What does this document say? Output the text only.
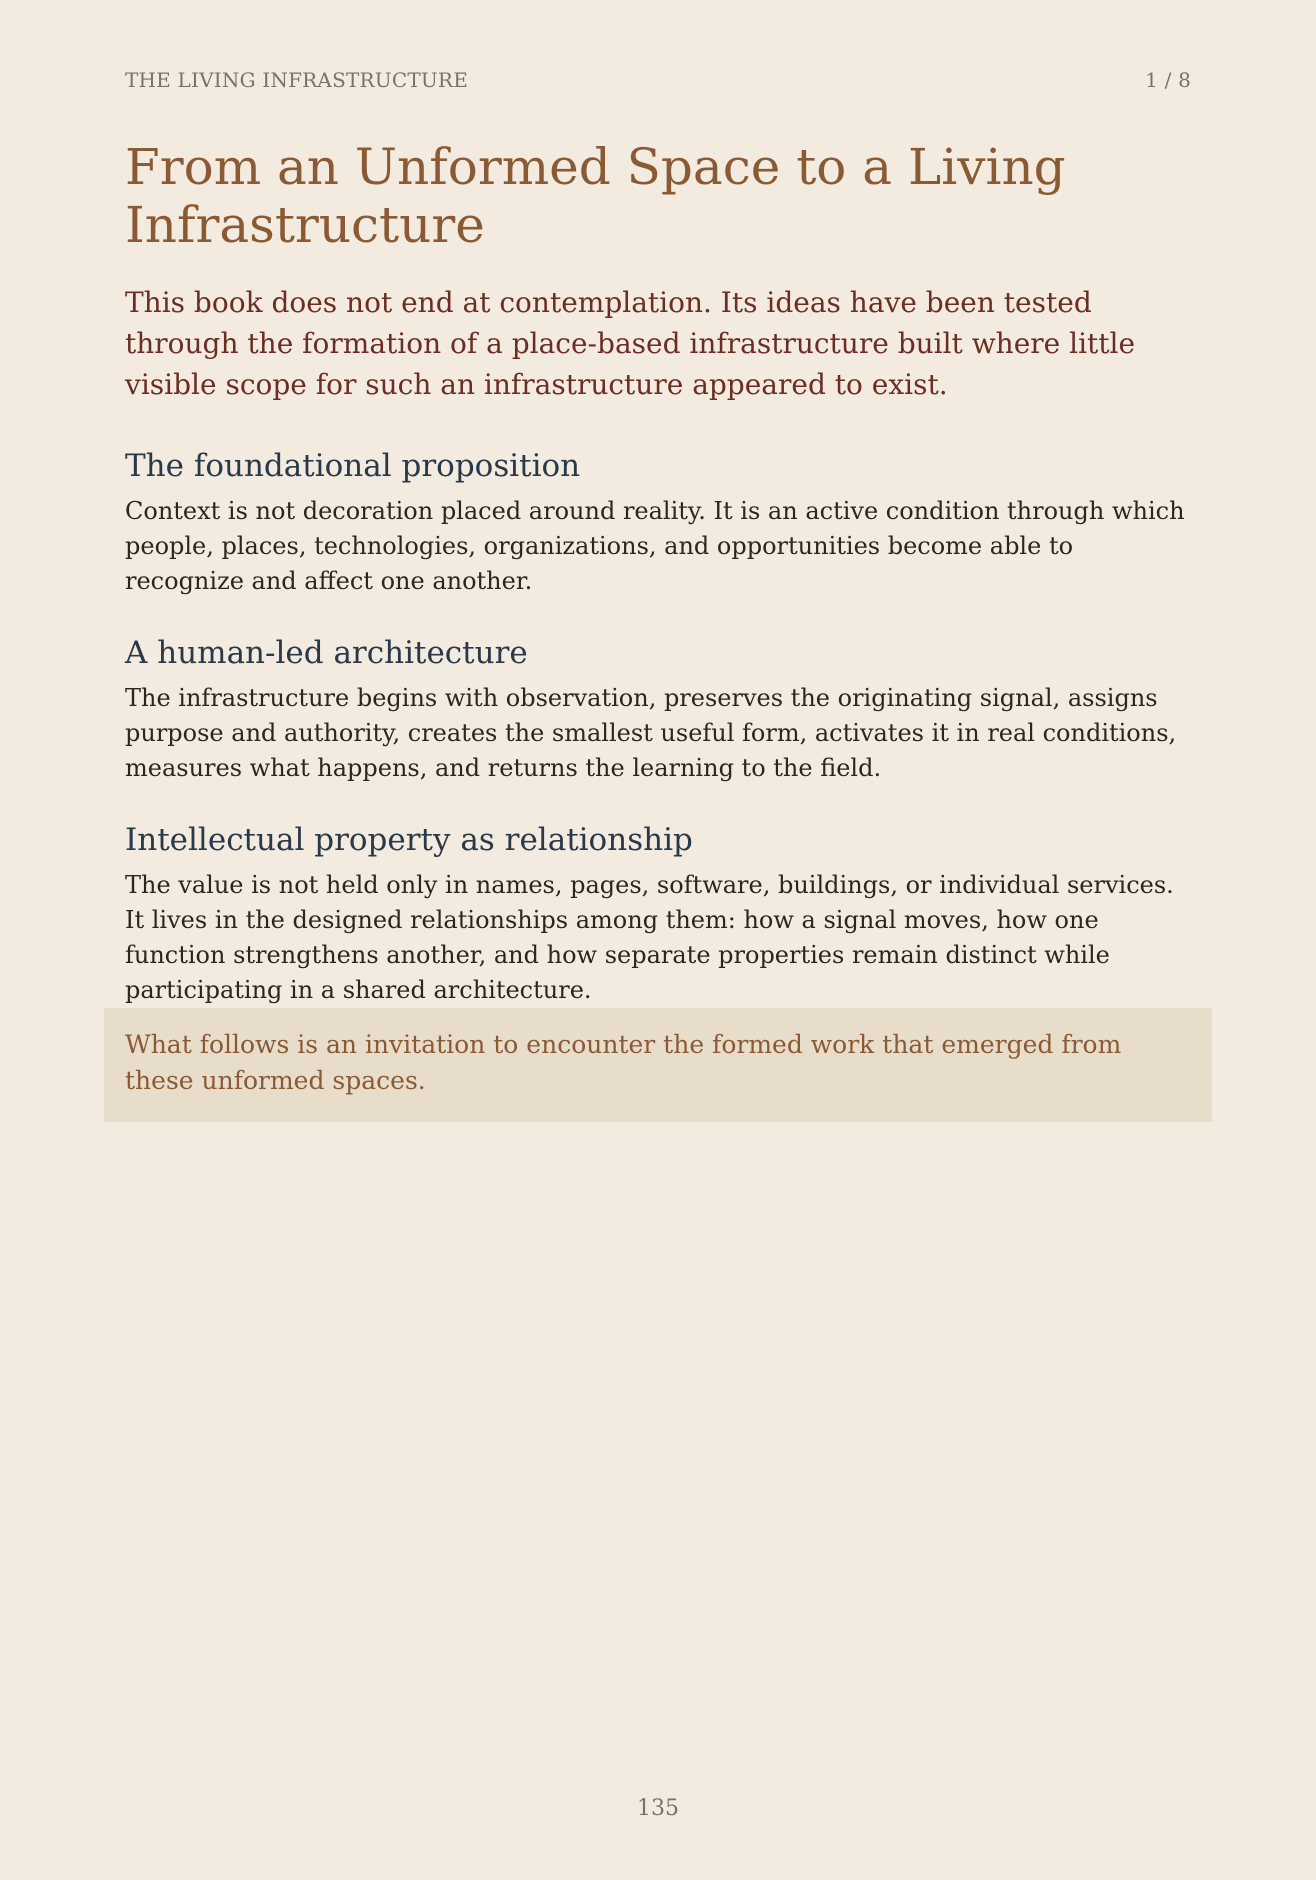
THE LIVING INFRASTRUCTURE	1 / 8
From an Unformed Space to a Living Infrastructure

This book does not end at contemplation. Its ideas have been tested through the formation of a place-based infrastructure built where little visible scope for such an infrastructure appeared to exist.

The foundational proposition

Context is not decoration placed around reality. It is an active condition through which people, places, technologies, organizations, and opportunities become able to recognize and affect one another.

A human-led architecture

The infrastructure begins with observation, preserves the originating signal, assigns purpose and authority, creates the smallest useful form, activates it in real conditions, measures what happens, and returns the learning to the field.

Intellectual property as relationship

The value is not held only in names, pages, software, buildings, or individual services. It lives in the designed relationships among them: how a signal moves, how one function strengthens another, and how separate properties remain distinct while participating in a shared architecture.

What follows is an invitation to encounter the formed work that emerged from these unformed spaces.

135
